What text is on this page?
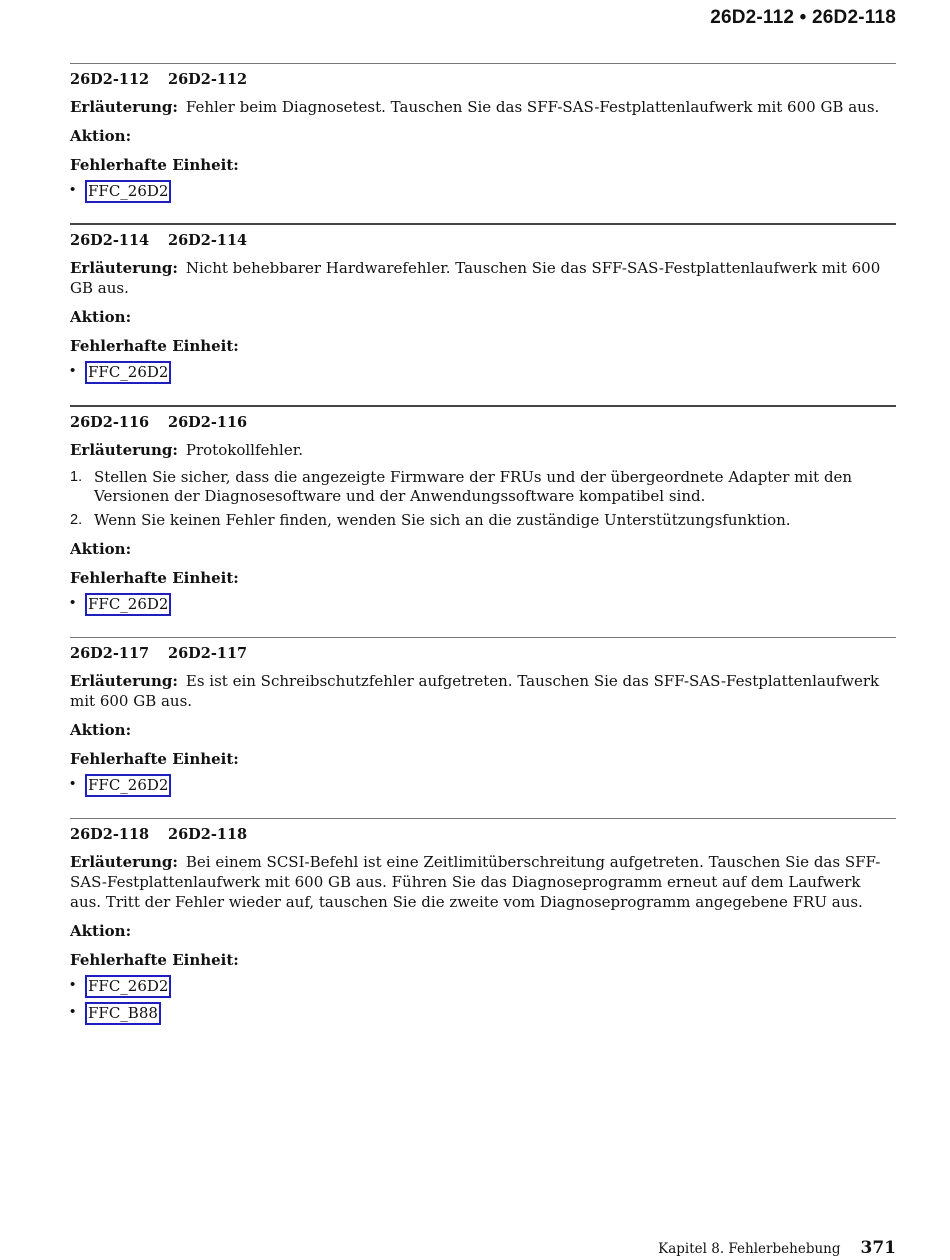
26D2-112 • 26D2-118
26D2-112 26D2-112

Erläuterung: Fehler beim Diagnosetest. Tauschen Sie das SFF-SAS-Festplattenlaufwerk mit 600 GB aus.

Aktion:

Fehlerhafte Einheit:

• FFC_26D2
26D2-114 26D2-114

Erläuterung: Nicht behebbarer Hardwarefehler. Tauschen Sie das SFF-SAS-Festplattenlaufwerk mit 600 GB aus.

Aktion:

Fehlerhafte Einheit:

• FFC_26D2
26D2-116 26D2-116

Erläuterung: Protokollfehler.

1. Stellen Sie sicher, dass die angezeigte Firmware der FRUs und der übergeordnete Adapter mit den Versionen der Diagnosesoftware und der Anwendungssoftware kompatibel sind.
2. Wenn Sie keinen Fehler finden, wenden Sie sich an die zuständige Unterstützungsfunktion.

Aktion:

Fehlerhafte Einheit:

• FFC_26D2
26D2-117 26D2-117

Erläuterung: Es ist ein Schreibschutzfehler aufgetreten. Tauschen Sie das SFF-SAS-Festplattenlaufwerk mit 600 GB aus.

Aktion:

Fehlerhafte Einheit:

• FFC_26D2
26D2-118 26D2-118

Erläuterung: Bei einem SCSI-Befehl ist eine Zeitlimitüberschreitung aufgetreten. Tauschen Sie das SFF-SAS-Festplattenlaufwerk mit 600 GB aus. Führen Sie das Diagnoseprogramm erneut auf dem Laufwerk aus. Tritt der Fehler wieder auf, tauschen Sie die zweite vom Diagnoseprogramm angegebene FRU aus.

Aktion:

Fehlerhafte Einheit:

• FFC_26D2
• FFC_B88
Kapitel 8. Fehlerbehebung 371
